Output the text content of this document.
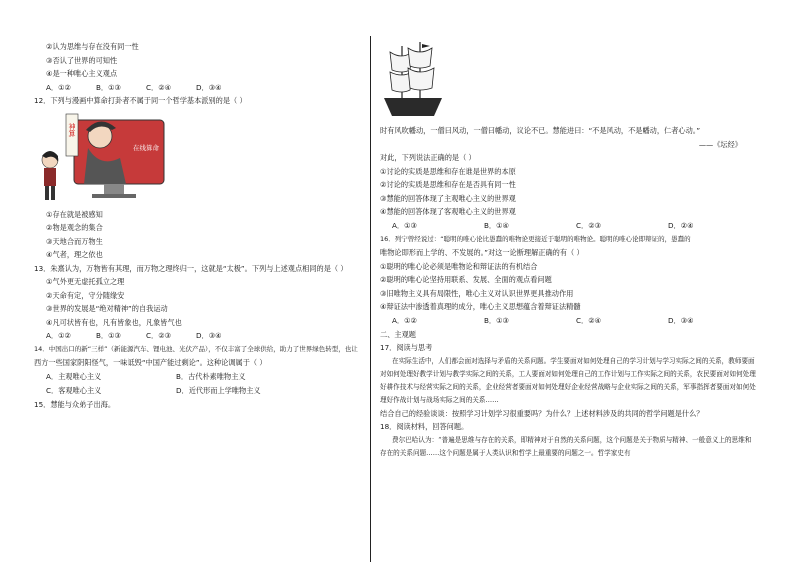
②认为思维与存在没有同一性
③否认了世界的可知性
④是一种唯心主义观点
A．①②	B．①③	C．②④	D．③④
12．下列与漫画中算命打卦者不属于同一个哲学基本派别的是（ ）
神算
在线算命
①存在就是被感知
②物是观念的集合
③天地合而万物生
④气者，理之依也
13．朱熹认为，万物皆有其理，而万物之理终归一，这就是“太极”。下列与上述观点相同的是（ ）
①气外更无虚托孤立之理
②天命有定，守分随缘安
③世界的发展是“绝对精神”的自我运动
④凡可状皆有也，凡有皆象也，凡象皆气也
A．①②	B．①③	C．②③	D．③④
14．中国出口的新“三样”（新能源汽车、锂电池、光伏产品），不仅丰富了全球供给，助力了世界绿色转型，也让
西方一些国家阴阳怪气，一味诋毁“中国产能过剩论”。这种论调属于（ ）
A．主观唯心主义	B．古代朴素唯物主义
C．客观唯心主义	D．近代形而上学唯物主义
15．慧能与众弟子出海。
时有风吹幡动，一僧曰风动，一僧曰幡动，议论不已。慧能进曰：“不是风动，不是幡动，仁者心动。”
——《坛经》
对此，下列说法正确的是（ ）
①讨论的实质是思维和存在谁是世界的本原
②讨论的实质是思维和存在是否具有同一性
③慧能的回答体现了主观唯心主义的世界观
④慧能的回答体现了客观唯心主义的世界观
A．①③	B．①④	C．②③	D．②④
16．列宁曾经说过：“聪明的唯心论比愚蠢的唯物论更接近于聪明的唯物论。聪明的唯心论即辩证的，愚蠢的
唯物论即形而上学的、不发展的。”对这一论断理解正确的有（ ）
①聪明的唯心论必须是唯物论和辩证法的有机结合
②聪明的唯心论坚持用联系、发展、全面的观点看问题
③旧唯物主义具有局限性，唯心主义对认识世界更具推动作用
④辩证法中渗透着真理的成分，唯心主义思想蕴含着辩证法精髓
A．①②	B．①③	C．②④	D．③④
二、主观题
17．阅读与思考
在实际生活中，人们都会面对选择与矛盾的关系问题。学生要面对如何处理自己的学习计划与学习实际之间的关系，教师要面对如何处理好教学计划与教学实际之间的关系，工人要面对如何处理自己的工作计划与工作实际之间的关系，农民要面对如何处理好耕作技术与经营实际之间的关系，企业经营者要面对如何处理好企业经营战略与企业实际之间的关系，军事指挥者要面对如何处理好作战计划与战场实际之间的关系……
结合自己的经验谈谈：按照学习计划学习很重要吗？为什么？上述材料涉及的共同的哲学问题是什么？
18．阅读材料，回答问题。
费尔巴哈认为：“普遍是思维与存在的关系，即精神对于自然的关系问题，这个问题是关于物质与精神、一般意义上的思维和存在的关系问题……这个问题是属于人类认识和哲学上最重要的问题之一。哲学家史有
